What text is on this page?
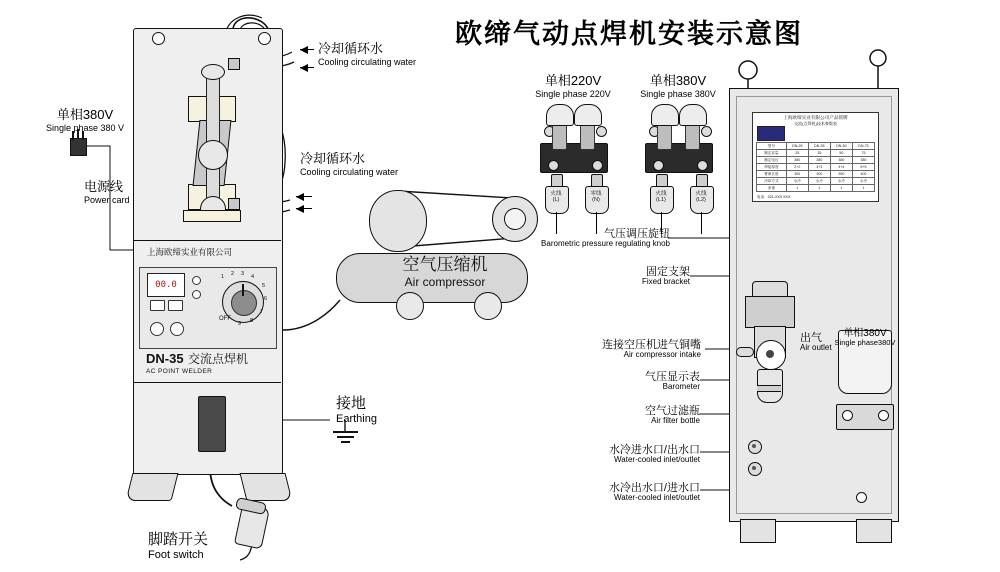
欧缔气动点焊机安装示意图
00.0
1 2 3 4
5
6
7
8
9
OFF
上海欧缔实业有限公司
DN-35 交流点焊机
AC POINT WELDER
空气压缩机
Air compressor
单相220V
Single phase 220V
火线
(L)
零线
(N)
单相380V
Single phase 380V
火线
(L1)
火线
(L2)
上海欧缔实业有限公司产品铭牌
交流(点焊机)技术参数表
型号	DN-25	DN-35	DN-50	DN-75
额定容量	25	35	50	75
额定电压	380	380	380	380
焊接厚度	2+2	3+3	4+4	5+5
臂伸长度	300	300	350	400
冷却方式	水冷	水冷	水冷	水冷
净重	1	1	1	1
电话：021-XXX XXX
冷却循环水
Cooling circulating water
冷却循环水
Cooling circulating water
单相380V
Single phase 380 V
电源线
Power card
接地
Earthing
脚踏开关
Foot switch
气压调压旋钮
Barometric pressure regulating knob
固定支架
Fixed bracket
连接空压机进气铜嘴
Air compressor intake
气压显示表
Barometer
空气过滤瓶
Air filter bottle
水冷进水口/出水口
Water-cooled inlet/outlet
水冷出水口/进水口
Water-cooled inlet/outlet
出气
Air outlet
单相380V
Single phase380V
